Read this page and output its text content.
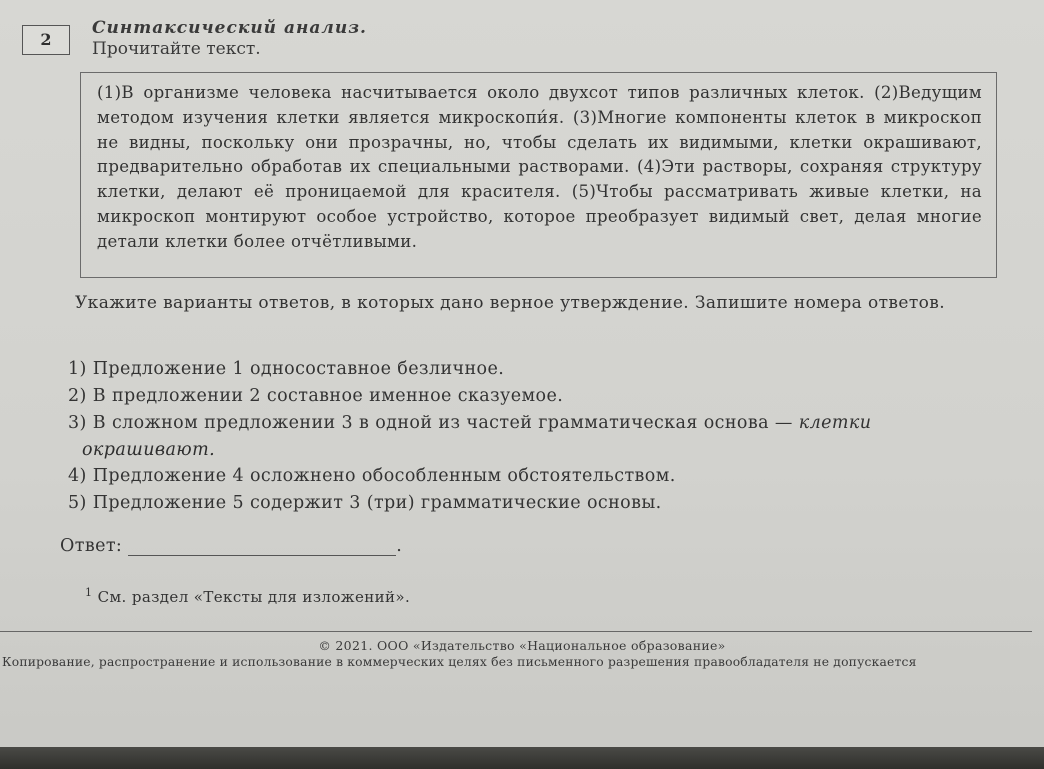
2
Синтаксический анализ.
Прочитайте текст.
(1)В организме человека насчитывается около двухсот типов различных клеток. (2)Ведущим методом изучения клетки является микроскопи́я. (3)Многие компоненты клеток в микроскоп не видны, поскольку они прозрачны, но, чтобы сделать их видимыми, клетки окрашивают, предварительно обработав их специальными растворами. (4)Эти растворы, сохраняя структуру клетки, делают её проницаемой для красителя. (5)Чтобы рассматривать живые клетки, на микроскоп монтируют особое устройство, которое преобразует видимый свет, делая многие детали клетки более отчётливыми.
Укажите варианты ответов, в которых дано верное утверждение. Запишите номера ответов.
1) Предложение 1 односоставное безличное.
2) В предложении 2 составное именное сказуемое.
3) В сложном предложении 3 в одной из частей грамматическая основа — клетки
окрашивают.
4) Предложение 4 осложнено обособленным обстоятельством.
5) Предложение 5 содержит 3 (три) грамматические основы.
Ответ:	.
$^1$ См. раздел «Тексты для изложений».
© 2021. ООО «Издательство «Национальное образование»
Копирование, распространение и использование в коммерческих целях без письменного разрешения правообладателя не допускается
